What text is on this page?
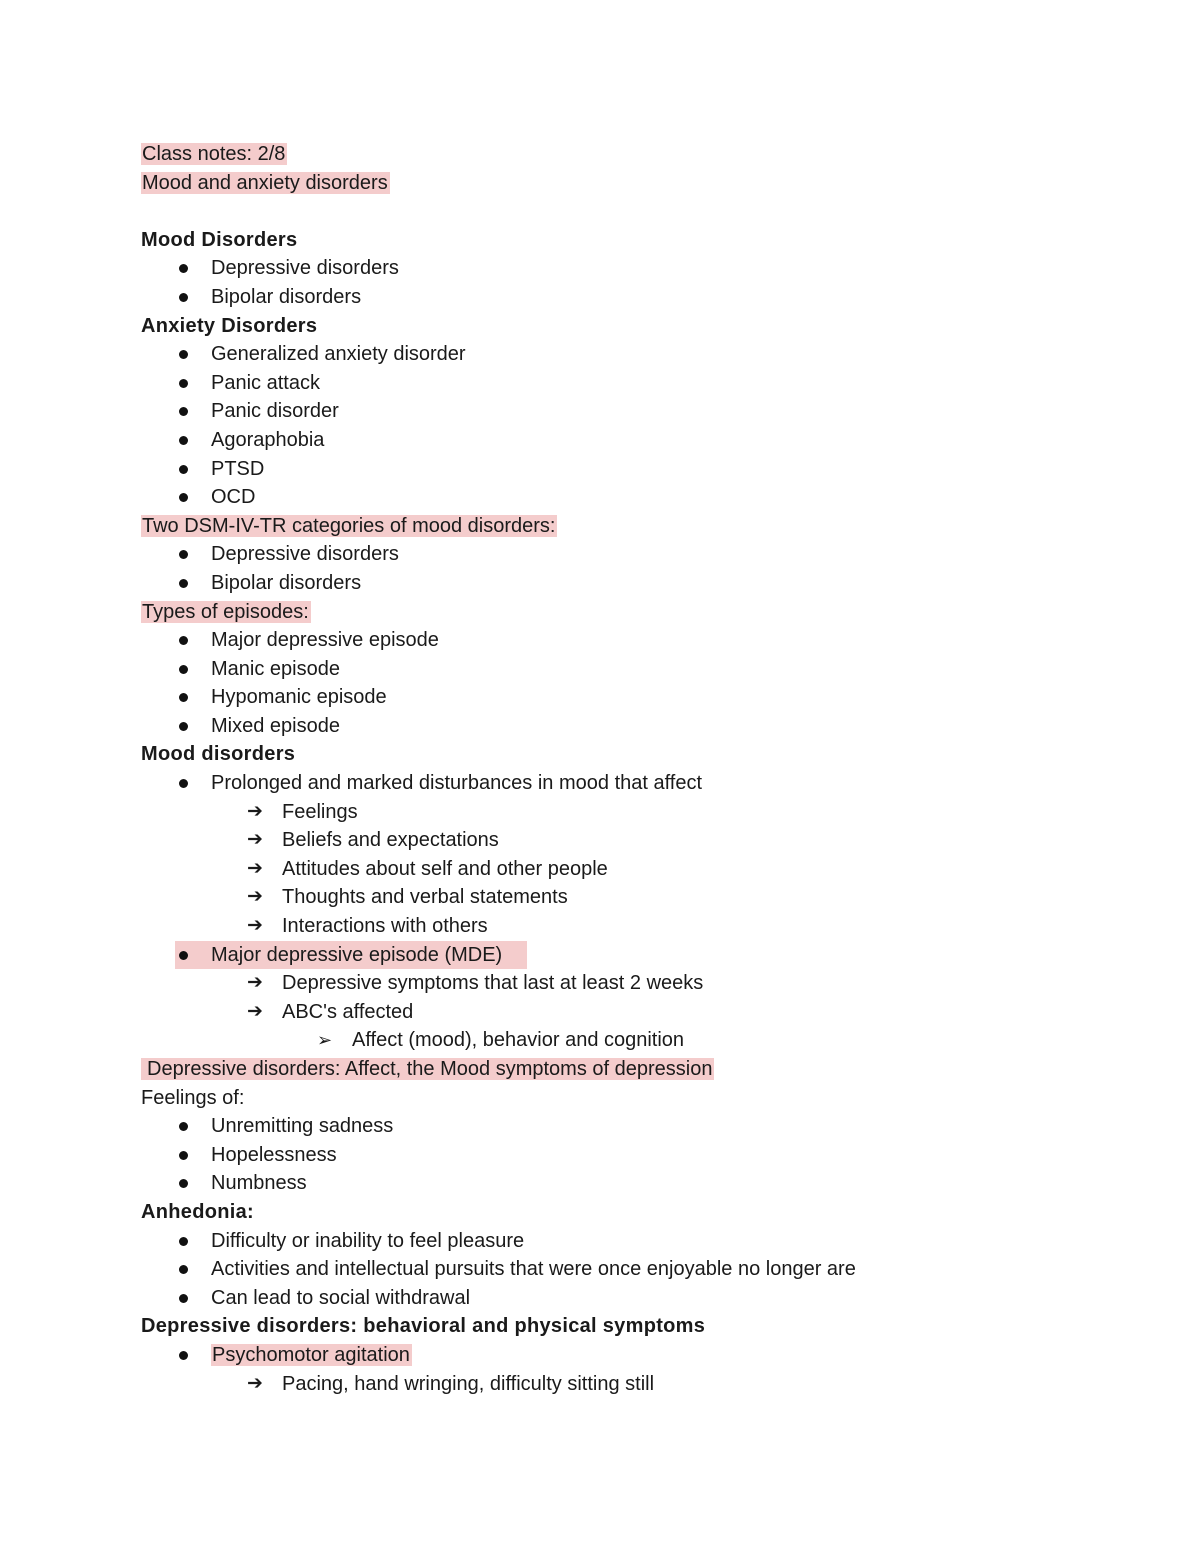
Class notes: 2/8
Mood and anxiety disorders
Mood Disorders
Depressive disorders
Bipolar disorders
Anxiety Disorders
Generalized anxiety disorder
Panic attack
Panic disorder
Agoraphobia
PTSD
OCD
Two DSM-IV-TR categories of mood disorders:
Depressive disorders
Bipolar disorders
Types of episodes:
Major depressive episode
Manic episode
Hypomanic episode
Mixed episode
Mood disorders
Prolonged and marked disturbances in mood that affect
➔ Feelings
➔ Beliefs and expectations
➔ Attitudes about self and other people
➔ Thoughts and verbal statements
➔ Interactions with others
Major depressive episode (MDE)
➔ Depressive symptoms that last at least 2 weeks
➔ ABC's affected
➢ Affect (mood), behavior and cognition
Depressive disorders: Affect, the Mood symptoms of depression
Feelings of:
Unremitting sadness
Hopelessness
Numbness
Anhedonia:
Difficulty or inability to feel pleasure
Activities and intellectual pursuits that were once enjoyable no longer are
Can lead to social withdrawal
Depressive disorders: behavioral and physical symptoms
Psychomotor agitation
➔ Pacing, hand wringing, difficulty sitting still
